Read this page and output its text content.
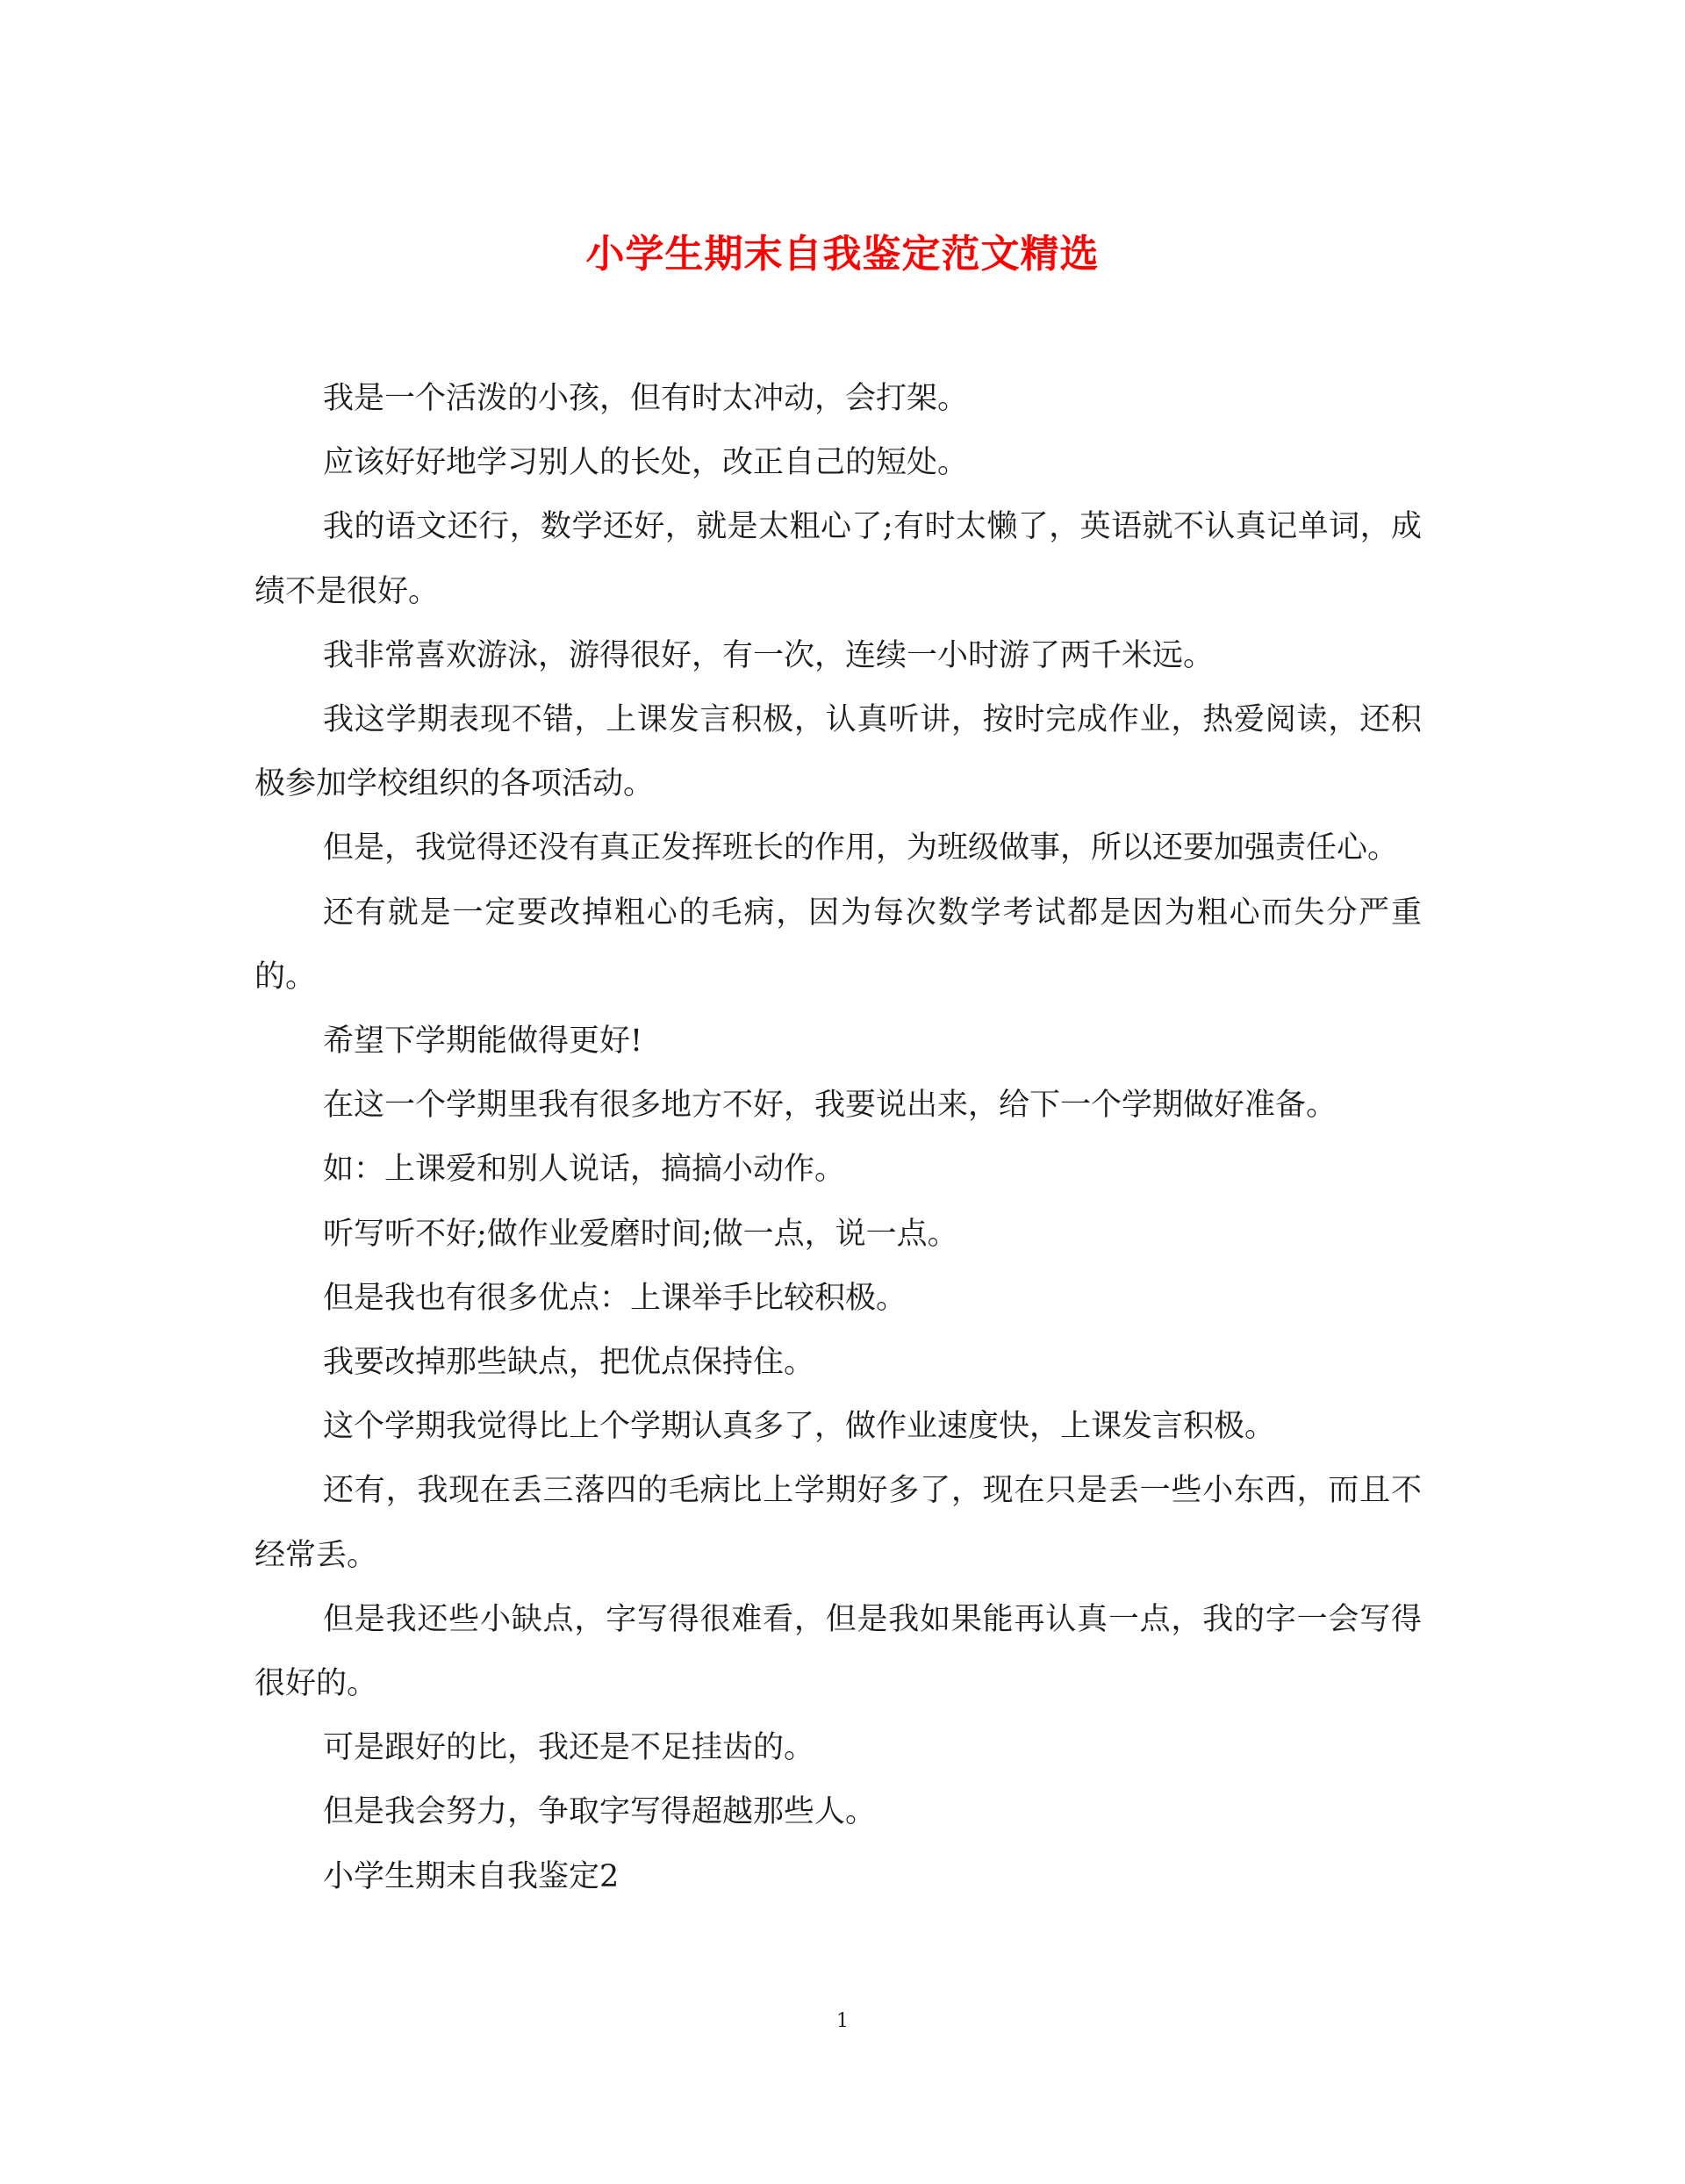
小学生期末自我鉴定范文精选

我是一个活泼的小孩，但有时太冲动，会打架。

应该好好地学习别人的长处，改正自己的短处。

我的语文还行，数学还好，就是太粗心了;有时太懒了，英语就不认真记单词，成绩不是很好。

我非常喜欢游泳，游得很好，有一次，连续一小时游了两千米远。

我这学期表现不错，上课发言积极，认真听讲，按时完成作业，热爱阅读，还积极参加学校组织的各项活动。

但是，我觉得还没有真正发挥班长的作用，为班级做事，所以还要加强责任心。

还有就是一定要改掉粗心的毛病，因为每次数学考试都是因为粗心而失分严重的。

希望下学期能做得更好!

在这一个学期里我有很多地方不好，我要说出来，给下一个学期做好准备。

如：上课爱和别人说话，搞搞小动作。

听写听不好;做作业爱磨时间;做一点，说一点。

但是我也有很多优点：上课举手比较积极。

我要改掉那些缺点，把优点保持住。

这个学期我觉得比上个学期认真多了，做作业速度快，上课发言积极。

还有，我现在丢三落四的毛病比上学期好多了，现在只是丢一些小东西，而且不经常丢。

但是我还些小缺点，字写得很难看，但是我如果能再认真一点，我的字一会写得很好的。

可是跟好的比，我还是不足挂齿的。

但是我会努力，争取字写得超越那些人。

小学生期末自我鉴定2

1
